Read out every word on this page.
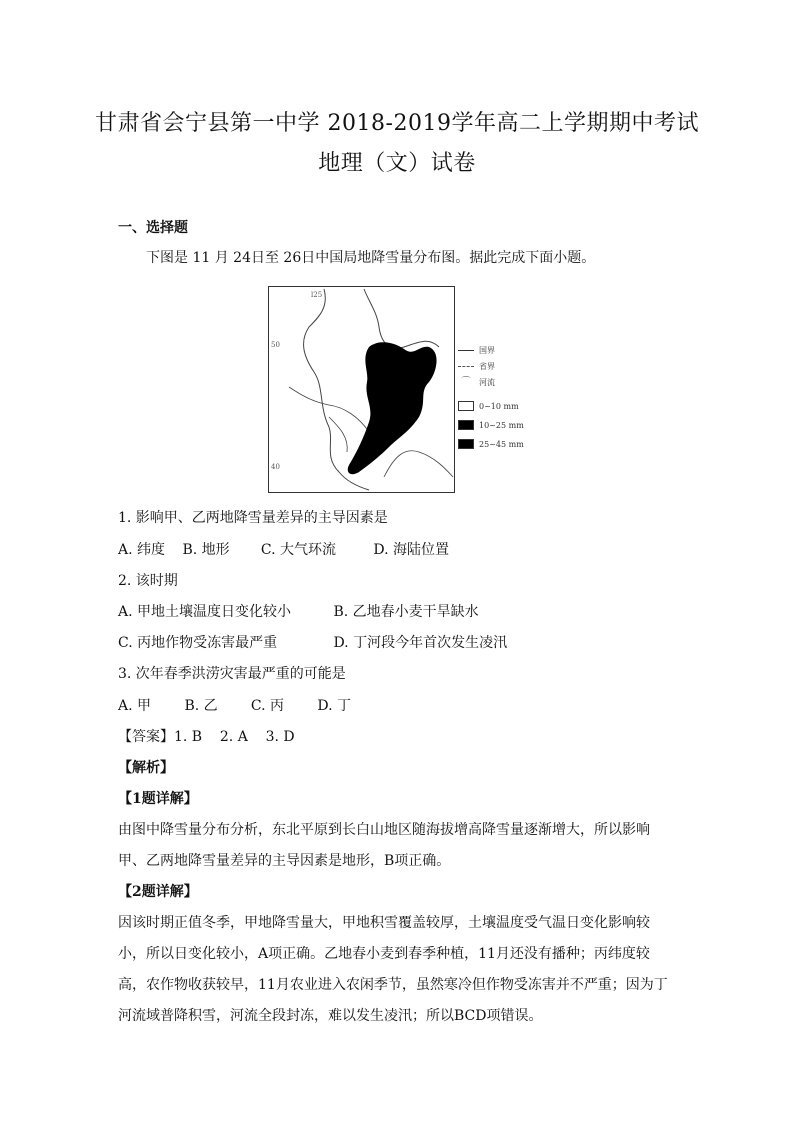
甘肃省会宁县第一中学 2018-2019学年高二上学期期中考试
地理（文）试卷
一、选择题
下图是 11 月 24日至 26日中国局地降雪量分布图。据此完成下面小题。
l25
50
40
国界
省界
⌒	河流
0~10 mm
10~25 mm
25~45 mm
1. 影响甲、乙两地降雪量差异的主导因素是
A. 纬度 B. 地形 C. 大气环流	D. 海陆位置
2. 该时期
A. 甲地土壤温度日变化较小	B. 乙地春小麦干旱缺水
C. 丙地作物受冻害最严重	D. 丁河段今年首次发生凌汛
3. 次年春季洪涝灾害最严重的可能是
A. 甲 B. 乙 C. 丙 D. 丁
【答案】1. B    2. A    3. D
【解析】
【1题详解】
由图中降雪量分布分析，东北平原到长白山地区随海拔增高降雪量逐渐增大，所以影响甲、乙两地降雪量差异的主导因素是地形，B项正确。
【2题详解】
因该时期正值冬季，甲地降雪量大，甲地积雪覆盖较厚，土壤温度受气温日变化影响较小，所以日变化较小，A项正确。乙地春小麦到春季种植，11月还没有播种；丙纬度较高，农作物收获较早，11月农业进入农闲季节，虽然寒冷但作物受冻害并不严重；因为丁河流域普降积雪，河流全段封冻，难以发生凌汛；所以BCD项错误。
